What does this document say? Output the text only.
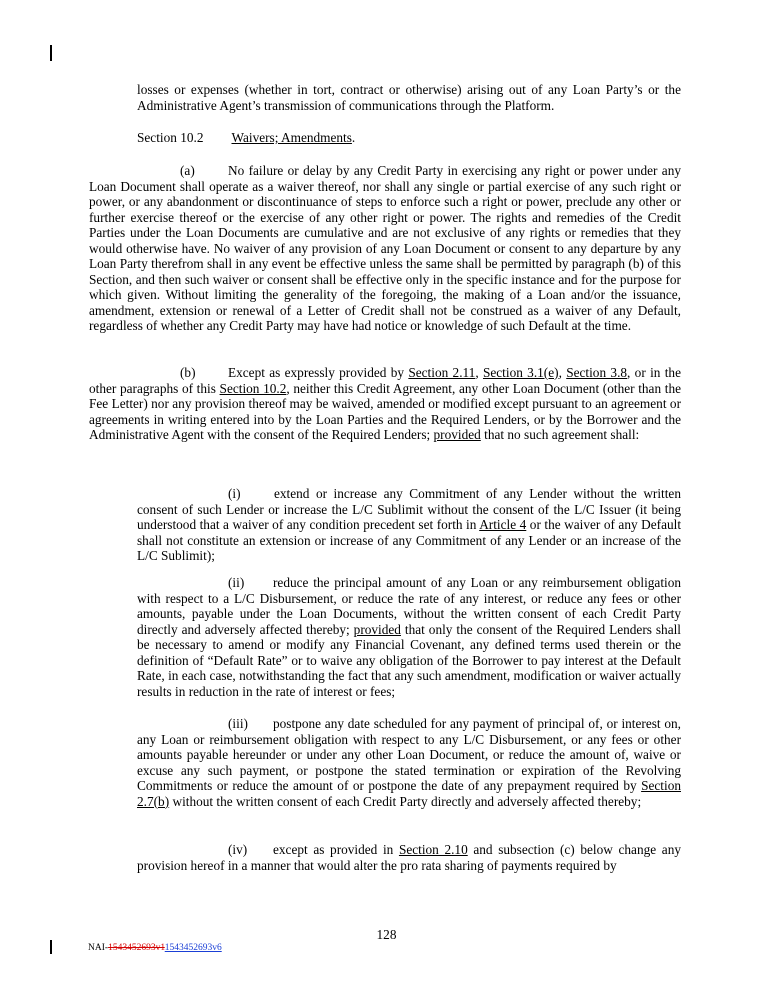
losses or expenses (whether in tort, contract or otherwise) arising out of any Loan Party’s or the Administrative Agent’s transmission of communications through the Platform.

Section 10.2 Waivers; Amendments.

(a) No failure or delay by any Credit Party in exercising any right or power under any Loan Document shall operate as a waiver thereof, nor shall any single or partial exercise of any such right or power, or any abandonment or discontinuance of steps to enforce such a right or power, preclude any other or further exercise thereof or the exercise of any other right or power. The rights and remedies of the Credit Parties under the Loan Documents are cumulative and are not exclusive of any rights or remedies that they would otherwise have. No waiver of any provision of any Loan Document or consent to any departure by any Loan Party therefrom shall in any event be effective unless the same shall be permitted by paragraph (b) of this Section, and then such waiver or consent shall be effective only in the specific instance and for the purpose for which given. Without limiting the generality of the foregoing, the making of a Loan and/or the issuance, amendment, extension or renewal of a Letter of Credit shall not be construed as a waiver of any Default, regardless of whether any Credit Party may have had notice or knowledge of such Default at the time.

(b) Except as expressly provided by Section 2.11, Section 3.1(e), Section 3.8, or in the other paragraphs of this Section 10.2, neither this Credit Agreement, any other Loan Document (other than the Fee Letter) nor any provision thereof may be waived, amended or modified except pursuant to an agreement or agreements in writing entered into by the Loan Parties and the Required Lenders, or by the Borrower and the Administrative Agent with the consent of the Required Lenders; provided that no such agreement shall:

(i)	extend or increase any Commitment of any Lender without the written consent of such Lender or increase the L/C Sublimit without the consent of the L/C Issuer (it being understood that a waiver of any condition precedent set forth in Article 4 or the waiver of any Default shall not constitute an extension or increase of any Commitment of any Lender or an increase of the L/C Sublimit);

(ii) reduce the principal amount of any Loan or any reimbursement obligation with respect to a L/C Disbursement, or reduce the rate of any interest, or reduce any fees or other amounts, payable under the Loan Documents, without the written consent of each Credit Party directly and adversely affected thereby; provided that only the consent of the Required Lenders shall be necessary to amend or modify any Financial Covenant, any defined terms used therein or the definition of “Default Rate” or to waive any obligation of the Borrower to pay interest at the Default Rate, in each case, notwithstanding the fact that any such amendment, modification or waiver actually results in reduction in the rate of interest or fees;

(iii) postpone any date scheduled for any payment of principal of, or interest on, any Loan or reimbursement obligation with respect to any L/C Disbursement, or any fees or other amounts payable hereunder or under any other Loan Document, or reduce the amount of, waive or excuse any such payment, or postpone the stated termination or expiration of the Revolving Commitments or reduce the amount of or postpone the date of any prepayment required by Section 2.7(b) without the written consent of each Credit Party directly and adversely affected thereby;

(iv) except as provided in Section 2.10 and subsection (c) below change any provision hereof in a manner that would alter the pro rata sharing of payments required by

128
NAI-1543452693v11543452693v6
